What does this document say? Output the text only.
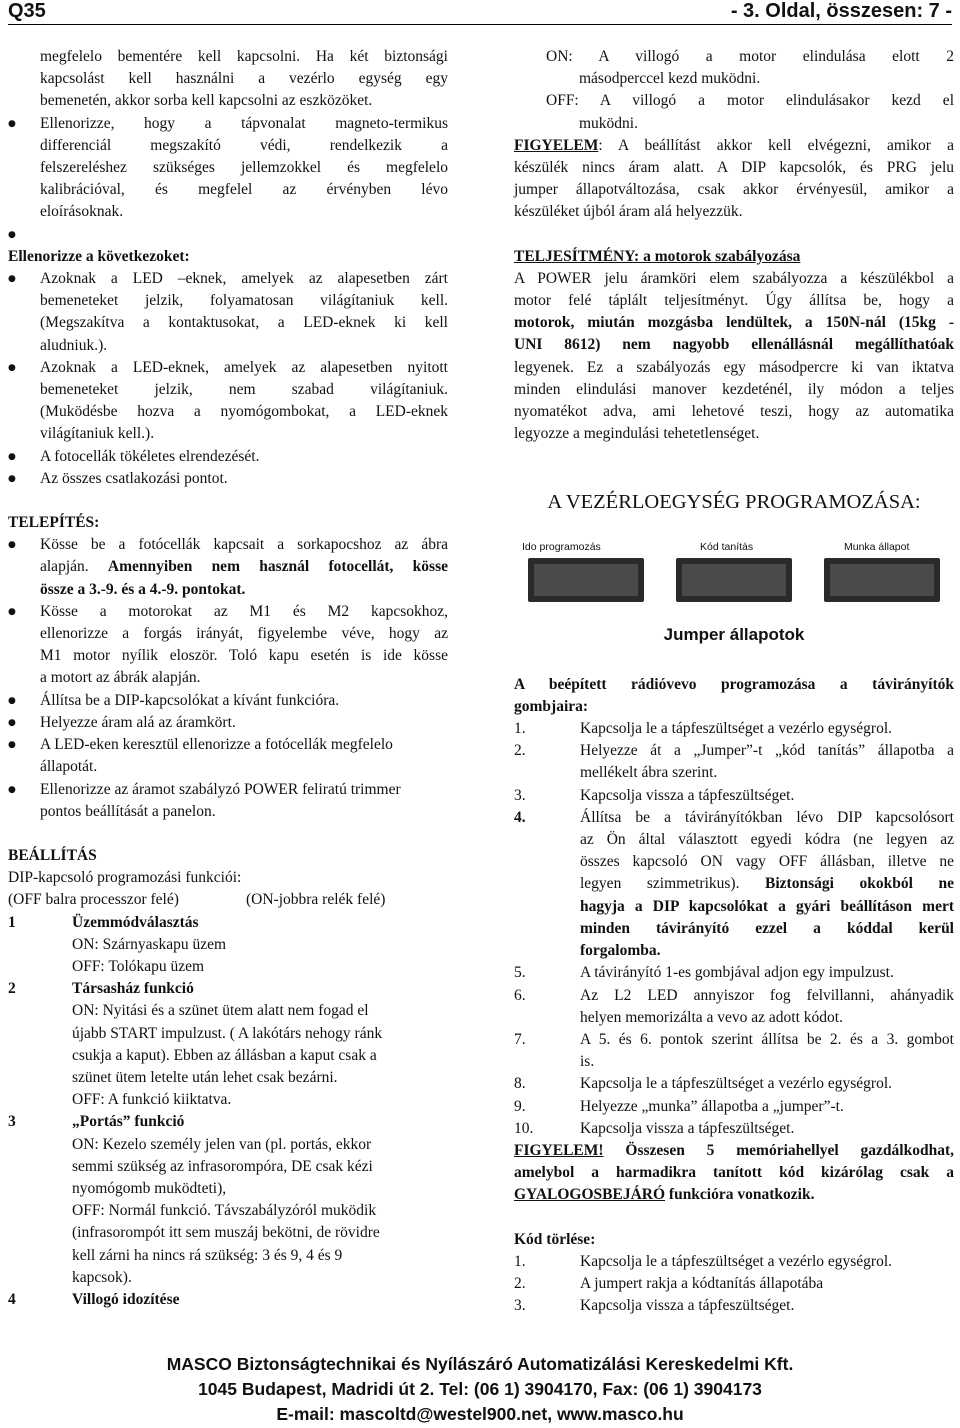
Q35	- 3. Oldal, összesen: 7 -
megfelelo bementére kell kapcsolni. Ha két biztonsági
kapcsolást kell használni a vezérlo egység egy
bemenetén, akkor sorba kell kapcsolni az eszközöket.
● Ellenorizze, hogy a tápvonalat magneto-termikus
differenciál megszakító védi, rendelkezik a
felszereléshez szükséges jellemzokkel és megfelelo
kalibrációval, és megfelel az érvényben lévo
eloírásoknak.
●
Ellenorizze a következoket:
● Azoknak a LED –eknek, amelyek az alapesetben zárt
bemeneteket jelzik, folyamatosan világítaniuk kell.
(Megszakítva a kontaktusokat, a LED-eknek ki kell
aludniuk.).
● Azoknak a LED-eknek, amelyek az alapesetben nyitott
bemeneteket jelzik, nem szabad világítaniuk.
(Muködésbe hozva a nyomógombokat, a LED-eknek
világítaniuk kell.).
● A fotocellák tökéletes elrendezését.
● Az összes csatlakozási pontot.
TELEPÍTÉS:
● Kösse be a fotócellák kapcsait a sorkapocshoz az ábra
alapján. Amennyiben nem használ fotocellát, kösse
össze a 3.-9. és a 4.-9. pontokat.
● Kösse a motorokat az M1 és M2 kapcsokhoz,
ellenorizze a forgás irányát, figyelembe véve, hogy az
M1 motor nyílik eloször. Toló kapu esetén is ide kösse
a motort az ábrák alapján.
● Állítsa be a DIP-kapcsolókat a kívánt funkcióra.
● Helyezze áram alá az áramkört.
● A LED-eken keresztül ellenorizze a fotócellák megfelelo
állapotát.
● Ellenorizze az áramot szabályzó POWER feliratú trimmer
pontos beállítását a panelon.
BEÁLLÍTÁS
DIP-kapcsoló programozási funkciói:
(OFF balra processzor felé)	(ON-jobbra relék felé)
1	Üzemmódválasztás
ON: Szárnyaskapu üzem
OFF: Tolókapu üzem
2	Társasház funkció
ON: Nyitási és a szünet ütem alatt nem fogad el
újabb START impulzust. ( A lakótárs nehogy ránk
csukja a kaput). Ebben az állásban a kaput csak a
szünet ütem letelte után lehet csak bezárni.
OFF: A funkció kiiktatva.
3	„Portás” funkció
ON: Kezelo személy jelen van (pl. portás, ekkor
semmi szükség az infrasorompóra, DE csak kézi
nyomógomb muködteti),
OFF: Normál funkció. Távszabályzóról muködik
(infrasorompót itt sem muszáj bekötni, de rövidre
kell zárni ha nincs rá szükség: 3 és 9, 4 és 9
kapcsok).
4	Villogó idozítése
ON: A villogó a motor elindulása elott 2
másodperccel kezd muködni.
OFF: A villogó a motor elindulásakor kezd el
muködni.
FIGYELEM: A beállítást akkor kell elvégezni, amikor a
készülék nincs áram alatt. A DIP kapcsolók, és PRG jelu
jumper állapotváltozása, csak akkor érvényesül, amikor a
készüléket újból áram alá helyezzük.
TELJESÍTMÉNY: a motorok szabályozása
A POWER jelu áramköri elem szabályozza a készülékbol a
motor felé táplált teljesítményt. Úgy állítsa be, hogy a
motorok, miután mozgásba lendültek, a 150N-nál (15kg -
UNI 8612) nem nagyobb ellenállásnál megállíthatóak
legyenek. Ez a szabályozás egy másodpercre ki van iktatva
minden elindulási manover kezdeténél, ily módon a teljes
nyomatékot adva, ami lehetové teszi, hogy az automatika
legyozze a megindulási tehetetlenséget.
A VEZÉRLOEGYSÉG PROGRAMOZÁSA:
Ido programozás	Kód tanítás	Munka állapot
Jumper állapotok
A beépített rádióvevo programozása a távirányítók
gombjaira:
1.	Kapcsolja le a tápfeszültséget a vezérlo egységrol.
2.	Helyezze át a „Jumper”-t „kód tanítás” állapotba a
mellékelt ábra szerint.
3.	Kapcsolja vissza a tápfeszültséget.
4.	Állítsa be a távirányítókban lévo DIP kapcsolósort
az Ön által választott egyedi kódra (ne legyen az
összes kapcsoló ON vagy OFF állásban, illetve ne
legyen szimmetrikus). Biztonsági okokból ne
hagyja a DIP kapcsolókat a gyári beállításon mert
minden távirányító ezzel a kóddal kerül
forgalomba.
5.	A távirányító 1-es gombjával adjon egy impulzust.
6.	Az L2 LED annyiszor fog felvillanni, ahányadik
helyen memorizálta a vevo az adott kódot.
7.	A 5. és 6. pontok szerint állítsa be 2. és a 3. gombot
is.
8.	Kapcsolja le a tápfeszültséget a vezérlo egységrol.
9.	Helyezze „munka” állapotba a „jumper”-t.
10.	Kapcsolja vissza a tápfeszültséget.
FIGYELEM! Összesen 5 memóriahellyel gazdálkodhat,
amelybol a harmadikra tanított kód kizárólag csak a
GYALOGOSBEJÁRÓ funkcióra vonatkozik.
Kód törlése:
1.	Kapcsolja le a tápfeszültséget a vezérlo egységrol.
2.	A jumpert rakja a kódtanítás állapotába
3.	Kapcsolja vissza a tápfeszültséget.
MASCO Biztonságtechnikai és Nyílászáró Automatizálási Kereskedelmi Kft.
1045 Budapest, Madridi út 2. Tel: (06 1) 3904170, Fax: (06 1) 3904173
E-mail: mascoltd@westel900.net, www.masco.hu
